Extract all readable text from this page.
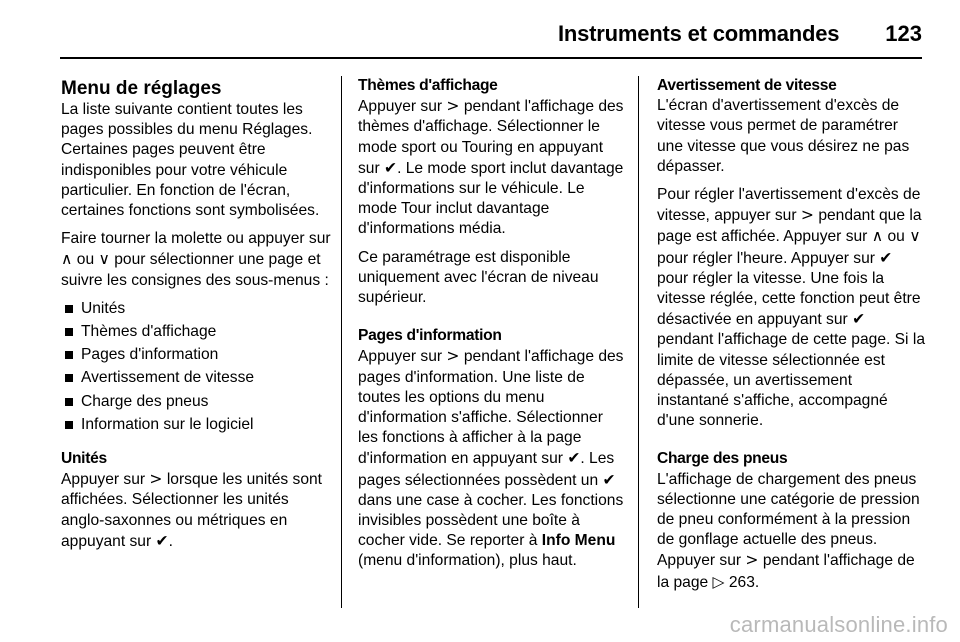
Instruments et commandes 123
Menu de réglages

La liste suivante contient toutes les pages possibles du menu Réglages. Certaines pages peuvent être indisponibles pour votre véhicule particulier. En fonction de l'écran, certaines fonctions sont symbolisées.

Faire tourner la molette ou appuyer sur ∧ ou ∨ pour sélectionner une page et suivre les consignes des sous-menus :

Unités
Thèmes d'affichage
Pages d'information
Avertissement de vitesse
Charge des pneus
Information sur le logiciel
Unités

Appuyer sur > lorsque les unités sont affichées. Sélectionner les unités anglo-saxonnes ou métriques en appuyant sur ✔.

Thèmes d'affichage

Appuyer sur > pendant l'affichage des thèmes d'affichage. Sélectionner le mode sport ou Touring en appuyant sur ✔. Le mode sport inclut davantage d'informations sur le véhicule. Le mode Tour inclut davantage d'informations média.

Ce paramétrage est disponible uniquement avec l'écran de niveau supérieur.

Pages d'information

Appuyer sur > pendant l'affichage des pages d'information. Une liste de toutes les options du menu d'information s'affiche. Sélectionner les fonctions à afficher à la page d'information en appuyant sur ✔. Les pages sélectionnées possèdent un ✔ dans une case à cocher. Les fonctions invisibles possèdent une boîte à cocher vide. Se reporter à Info Menu (menu d'information), plus haut.

Avertissement de vitesse

L'écran d'avertissement d'excès de vitesse vous permet de paramétrer une vitesse que vous désirez ne pas dépasser.

Pour régler l'avertissement d'excès de vitesse, appuyer sur > pendant que la page est affichée. Appuyer sur ∧ ou ∨ pour régler l'heure. Appuyer sur ✔ pour régler la vitesse. Une fois la vitesse réglée, cette fonction peut être désactivée en appuyant sur ✔ pendant l'affichage de cette page. Si la limite de vitesse sélectionnée est dépassée, un avertissement instantané s'affiche, accompagné d'une sonnerie.

Charge des pneus

L'affichage de chargement des pneus sélectionne une catégorie de pression de pneu conformément à la pression de gonflage actuelle des pneus. Appuyer sur > pendant l'affichage de la page ▷ 263.

carmanualsonline.info
